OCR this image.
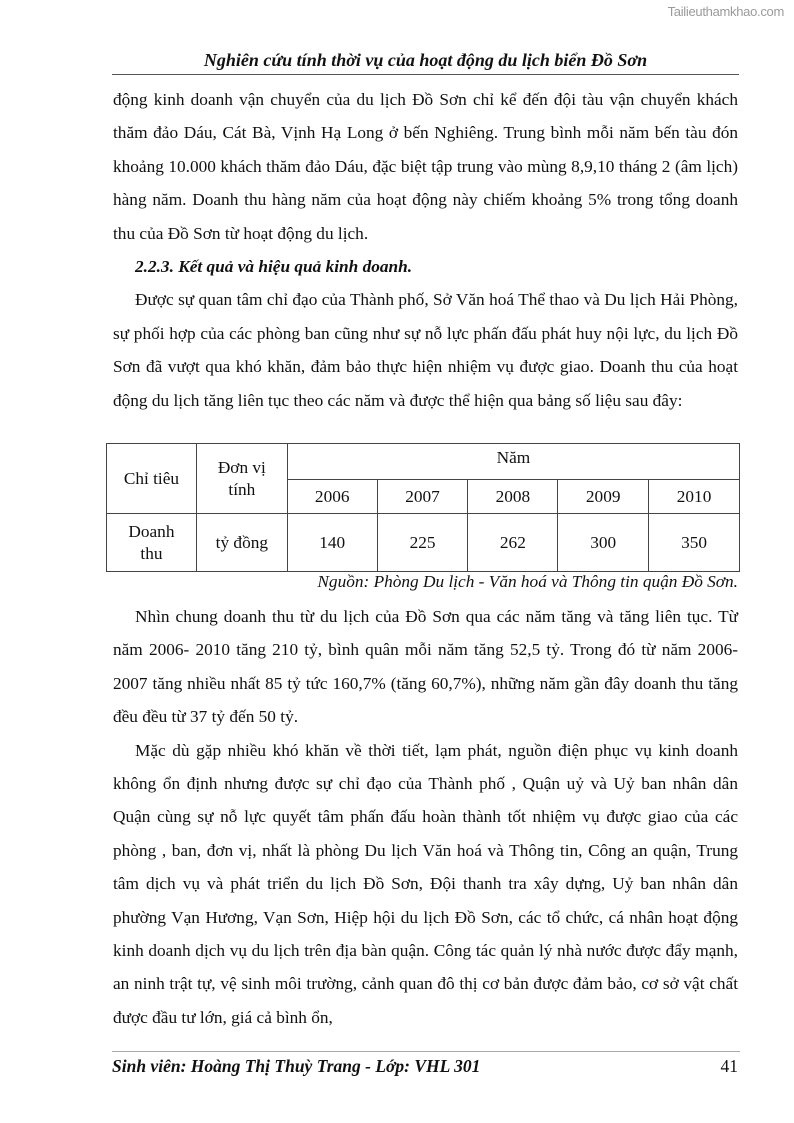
Tailieuthamkhao.com
Nghiên cứu tính thời vụ của hoạt động du lịch biển Đồ Sơn

động kinh doanh vận chuyển của du lịch Đồ Sơn chỉ kể đến đội tàu vận chuyển khách thăm đảo Dáu, Cát Bà, Vịnh Hạ Long ở bến Nghiêng. Trung bình mỗi năm bến tàu đón khoảng 10.000 khách thăm đảo Dáu, đặc biệt tập trung vào mùng 8,9,10 tháng 2 (âm lịch) hàng năm. Doanh thu hàng năm của hoạt động này chiếm khoảng 5% trong tổng doanh thu của Đồ Sơn từ hoạt động du lịch.

2.2.3. Kết quả và hiệu quả kinh doanh.

Được sự quan tâm chỉ đạo của Thành phố, Sở Văn hoá Thể thao và Du lịch Hải Phòng, sự phối hợp của các phòng ban cũng như sự nỗ lực phấn đấu phát huy nội lực, du lịch Đồ Sơn đã vượt qua khó khăn, đảm bảo thực hiện nhiệm vụ được giao. Doanh thu của hoạt động du lịch tăng liên tục theo các năm và được thể hiện qua bảng số liệu sau đây:

Chỉ tiêu	Đơn vị tính	Năm				
		2006	2007	2008	2009	2010

Doanh thu	tỷ đồng	140	225	262	300	350
Nguồn: Phòng Du lịch - Văn hoá và Thông tin quận Đồ Sơn.

Nhìn chung doanh thu từ du lịch của Đồ Sơn qua các năm tăng và tăng liên tục. Từ năm 2006- 2010 tăng 210 tỷ, bình quân mỗi năm tăng 52,5 tỷ. Trong đó từ năm 2006-2007 tăng nhiều nhất 85 tỷ tức 160,7% (tăng 60,7%), những năm gần đây doanh thu tăng đều đều từ 37 tỷ đến 50 tỷ.

Mặc dù gặp nhiều khó khăn về thời tiết, lạm phát, nguồn điện phục vụ kinh doanh không ổn định nhưng được sự chỉ đạo của Thành phố , Quận uỷ và Uỷ ban nhân dân Quận cùng sự nỗ lực quyết tâm phấn đấu hoàn thành tốt nhiệm vụ được giao của các phòng , ban, đơn vị, nhất là phòng Du lịch Văn hoá và Thông tin, Công an quận, Trung tâm dịch vụ và phát triển du lịch Đồ Sơn, Đội thanh tra xây dựng, Uỷ ban nhân dân phường Vạn Hương, Vạn Sơn, Hiệp hội du lịch Đồ Sơn, các tổ chức, cá nhân hoạt động kinh doanh dịch vụ du lịch trên địa bàn quận. Công tác quản lý nhà nước được đẩy mạnh, an ninh trật tự, vệ sinh môi trường, cảnh quan đô thị cơ bản được đảm bảo, cơ sở vật chất được đầu tư lớn, giá cả bình ổn,

Sinh viên: Hoàng Thị Thuỳ Trang - Lớp: VHL 301	41
